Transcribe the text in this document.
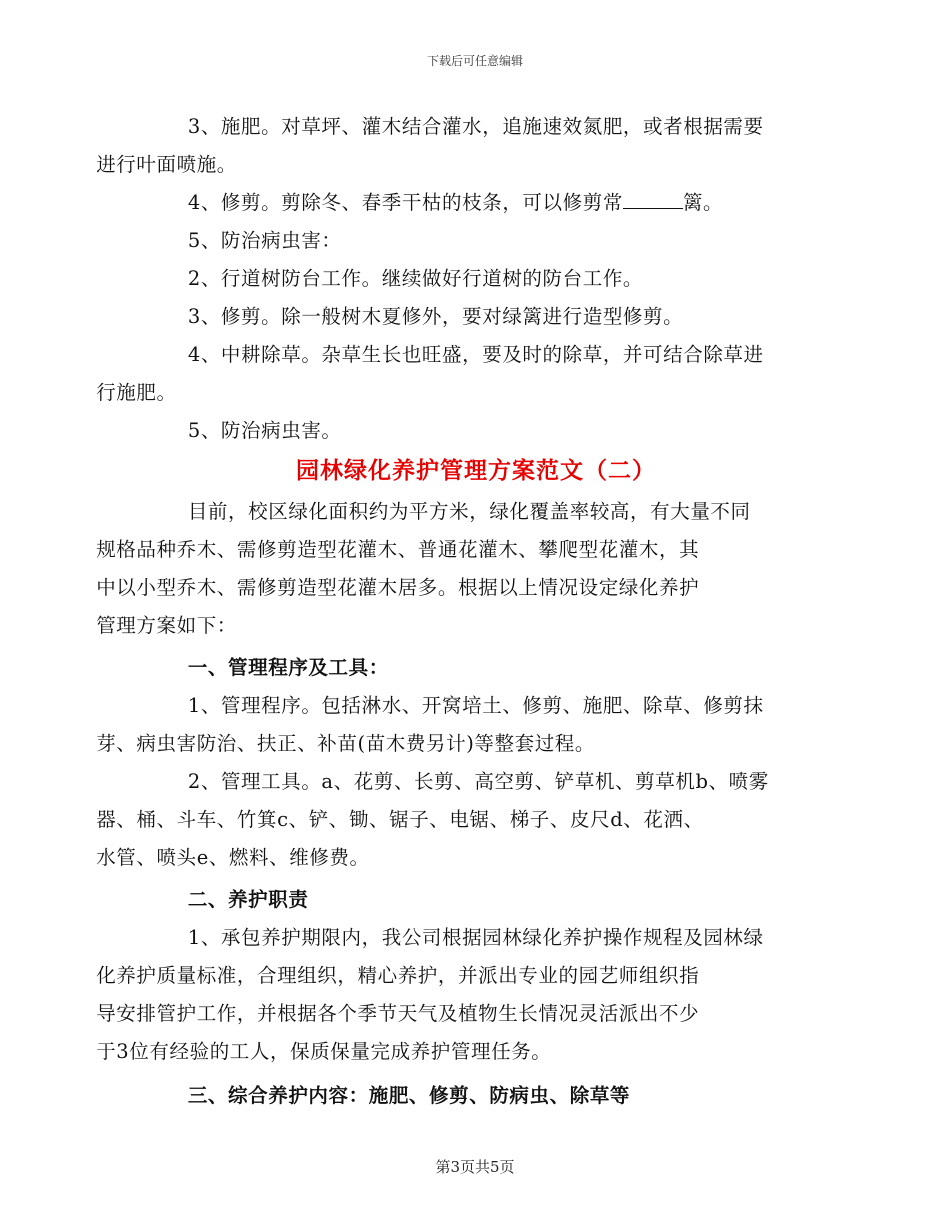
下载后可任意编辑

3、施肥。对草坪、灌木结合灌水，追施速效氮肥，或者根据需要
进行叶面喷施。

4、修剪。剪除冬、春季干枯的枝条，可以修剪常	篱。

5、防治病虫害：

2、行道树防台工作。继续做好行道树的防台工作。

3、修剪。除一般树木夏修外，要对绿篱进行造型修剪。

4、中耕除草。杂草生长也旺盛，要及时的除草，并可结合除草进
行施肥。

5、防治病虫害。

园林绿化养护管理方案范文（二）

目前，校区绿化面积约为平方米，绿化覆盖率较高，有大量不同
规格品种乔木、需修剪造型花灌木、普通花灌木、攀爬型花灌木，其
中以小型乔木、需修剪造型花灌木居多。根据以上情况设定绿化养护
管理方案如下：

一、管理程序及工具：

1、管理程序。包括淋水、开窝培土、修剪、施肥、除草、修剪抹
芽、病虫害防治、扶正、补苗(苗木费另计)等整套过程。

2、管理工具。a、花剪、长剪、高空剪、铲草机、剪草机b、喷雾
器、桶、斗车、竹箕c、铲、锄、锯子、电锯、梯子、皮尺d、花洒、
水管、喷头e、燃料、维修费。

二、养护职责

1、承包养护期限内，我公司根据园林绿化养护操作规程及园林绿
化养护质量标准，合理组织，精心养护，并派出专业的园艺师组织指
导安排管护工作，并根据各个季节天气及植物生长情况灵活派出不少
于3位有经验的工人，保质保量完成养护管理任务。

三、综合养护内容：施肥、修剪、防病虫、除草等

第3页共5页
